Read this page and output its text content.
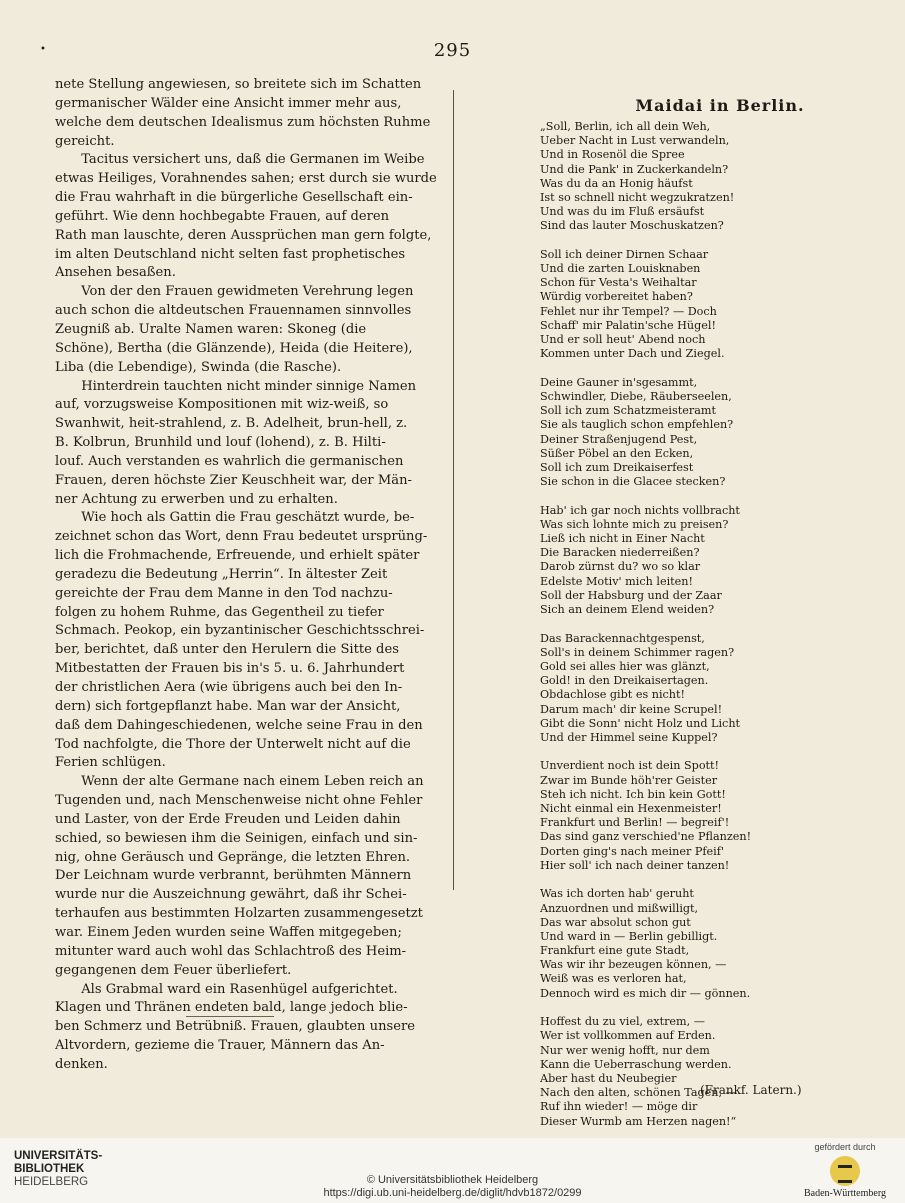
•	295
nete Stellung angewiesen, so breitete sich im Schatten
germanischer Wälder eine Ansicht immer mehr aus,
welche dem deutschen Idealismus zum höchsten Ruhme
gereicht.
  Tacitus versichert uns, daß die Germanen im Weibe
etwas Heiliges, Vorahnendes sahen; erst durch sie wurde
die Frau wahrhaft in die bürgerliche Gesellschaft ein-
geführt. Wie denn hochbegabte Frauen, auf deren
Rath man lauschte, deren Aussprüchen man gern folgte,
im alten Deutschland nicht selten fast prophetisches
Ansehen besaßen.
  Von der den Frauen gewidmeten Verehrung legen
auch schon die altdeutschen Frauennamen sinnvolles
Zeugniß ab. Uralte Namen waren: Skoneg (die
Schöne), Bertha (die Glänzende), Heida (die Heitere),
Liba (die Lebendige), Swinda (die Rasche).
  Hinterdrein tauchten nicht minder sinnige Namen
auf, vorzugsweise Kompositionen mit wiz-weiß, so
Swanhwit, heit-strahlend, z. B. Adelheit, brun-hell, z.
B. Kolbrun, Brunhild und louf (lohend), z. B. Hilti-
louf. Auch verstanden es wahrlich die germanischen
Frauen, deren höchste Zier Keuschheit war, der Män-
ner Achtung zu erwerben und zu erhalten.
  Wie hoch als Gattin die Frau geschätzt wurde, be-
zeichnet schon das Wort, denn Frau bedeutet ursprüng-
lich die Frohmachende, Erfreuende, und erhielt später
geradezu die Bedeutung „Herrin“. In ältester Zeit
gereichte der Frau dem Manne in den Tod nachzu-
folgen zu hohem Ruhme, das Gegentheil zu tiefer
Schmach. Peokop, ein byzantinischer Geschichtsschrei-
ber, berichtet, daß unter den Herulern die Sitte des
Mitbestatten der Frauen bis in's 5. u. 6. Jahrhundert
der christlichen Aera (wie übrigens auch bei den In-
dern) sich fortgepflanzt habe. Man war der Ansicht,
daß dem Dahingeschiedenen, welche seine Frau in den
Tod nachfolgte, die Thore der Unterwelt nicht auf die
Ferien schlügen.
  Wenn der alte Germane nach einem Leben reich an
Tugenden und, nach Menschenweise nicht ohne Fehler
und Laster, von der Erde Freuden und Leiden dahin
schied, so bewiesen ihm die Seinigen, einfach und sin-
nig, ohne Geräusch und Gepränge, die letzten Ehren.
Der Leichnam wurde verbrannt, berühmten Männern
wurde nur die Auszeichnung gewährt, daß ihr Schei-
terhaufen aus bestimmten Holzarten zusammengesetzt
war. Einem Jeden wurden seine Waffen mitgegeben;
mitunter ward auch wohl das Schlachtroß des Heim-
gegangenen dem Feuer überliefert.
  Als Grabmal ward ein Rasenhügel aufgerichtet.
Klagen und Thränen endeten bald, lange jedoch blie-
ben Schmerz und Betrübniß. Frauen, glaubten unsere
Altvordern, gezieme die Trauer, Männern das An-
denken.
Maidai in Berlin.
„Soll, Berlin, ich all dein Weh,
Ueber Nacht in Lust verwandeln,
Und in Rosenöl die Spree
Und die Pank' in Zuckerkandeln?
Was du da an Honig häufst
Ist so schnell nicht wegzukratzen!
Und was du im Fluß ersäufst
Sind das lauter Moschuskatzen?
Soll ich deiner Dirnen Schaar
Und die zarten Louisknaben
Schon für Vesta's Weihaltar
Würdig vorbereitet haben?
Fehlet nur ihr Tempel? — Doch
Schaff' mir Palatin'sche Hügel!
Und er soll heut' Abend noch
Kommen unter Dach und Ziegel.
Deine Gauner in'sgesammt,
Schwindler, Diebe, Räuberseelen,
Soll ich zum Schatzmeisteramt
Sie als tauglich schon empfehlen?
Deiner Straßenjugend Pest,
Süßer Pöbel an den Ecken,
Soll ich zum Dreikaiserfest
Sie schon in die Glacee stecken?
Hab' ich gar noch nichts vollbracht
Was sich lohnte mich zu preisen?
Ließ ich nicht in Einer Nacht
Die Baracken niederreißen?
Darob zürnst du? wo so klar
Edelste Motiv' mich leiten!
Soll der Habsburg und der Zaar
Sich an deinem Elend weiden?
Das Barackennachtgespenst,
Soll's in deinem Schimmer ragen?
Gold sei alles hier was glänzt,
Gold! in den Dreikaisertagen.
Obdachlose gibt es nicht!
Darum mach' dir keine Scrupel!
Gibt die Sonn' nicht Holz und Licht
Und der Himmel seine Kuppel?
Unverdient noch ist dein Spott!
Zwar im Bunde höh'rer Geister
Steh ich nicht. Ich bin kein Gott!
Nicht einmal ein Hexenmeister!
Frankfurt und Berlin! — begreif'!
Das sind ganz verschied'ne Pflanzen!
Dorten ging's nach meiner Pfeif'
Hier soll' ich nach deiner tanzen!
Was ich dorten hab' geruht
Anzuordnen und mißwilligt,
Das war absolut schon gut
Und ward in — Berlin gebilligt.
Frankfurt eine gute Stadt,
Was wir ihr bezeugen können, —
Weiß was es verloren hat,
Dennoch wird es mich dir — gönnen.
Hoffest du zu viel, extrem, —
Wer ist vollkommen auf Erden.
Nur wer wenig hofft, nur dem
Kann die Ueberraschung werden.
Aber hast du Neubegier
Nach den alten, schönen Tagen, —
Ruf ihn wieder! — möge dir
Dieser Wurmb am Herzen nagen!“
(Frankf. Latern.)
UNIVERSITÄTS-
BIBLIOTHEK
HEIDELBERG	© Universitätsbibliothek Heidelberg
https://digi.ub.uni-heidelberg.de/diglit/hdvb1872/0299
gefördert durch
Baden-Württemberg
